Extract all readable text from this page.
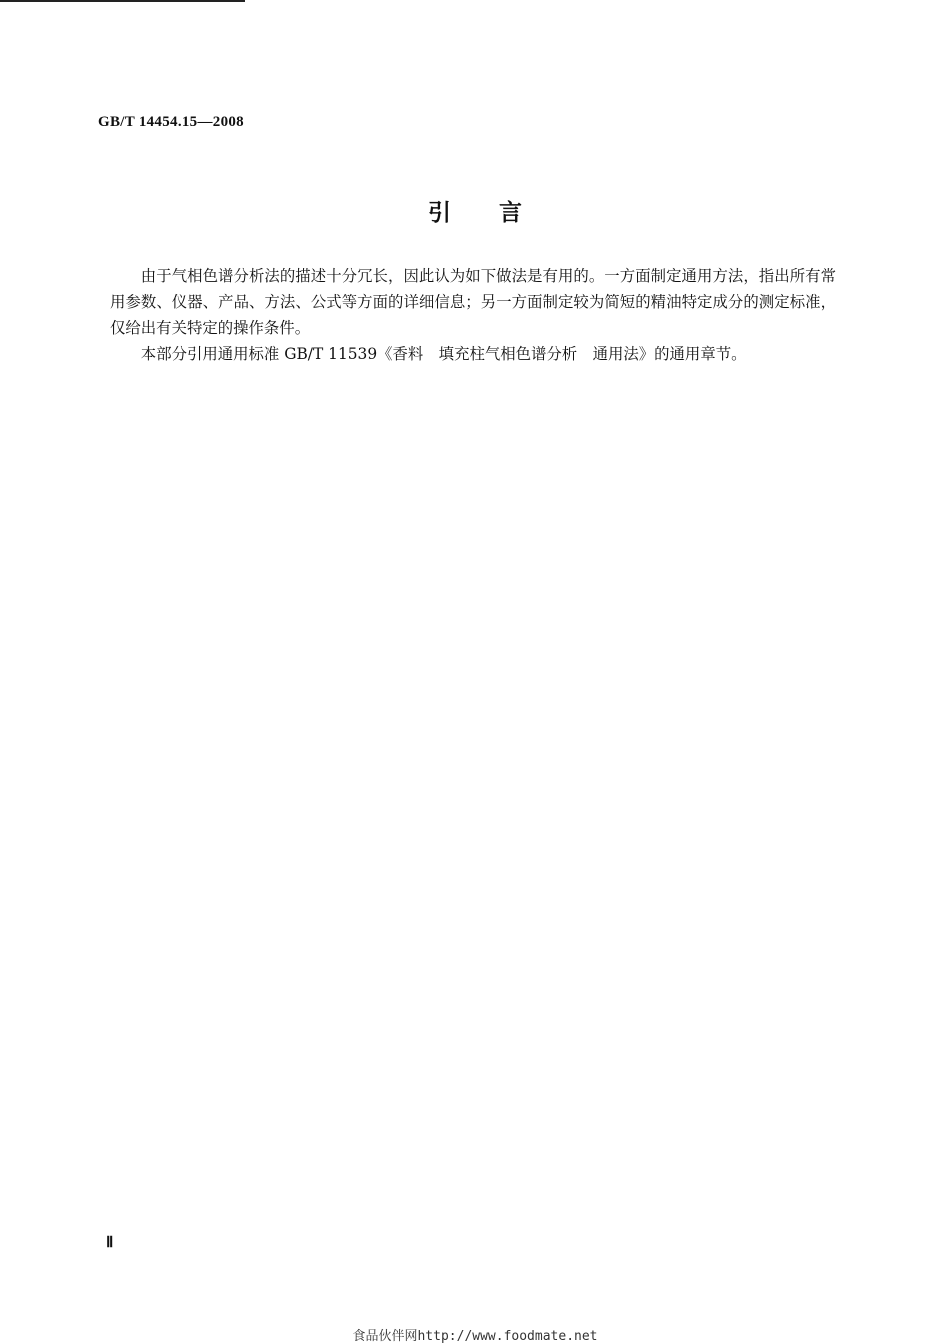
GB/T 14454.15—2008
引言

由于气相色谱分析法的描述十分冗长，因此认为如下做法是有用的。一方面制定通用方法，指出所有常用参数、仪器、产品、方法、公式等方面的详细信息；另一方面制定较为简短的精油特定成分的测定标准，仅给出有关特定的操作条件。

本部分引用通用标准 GB/T 11539《香料　填充柱气相色谱分析　通用法》的通用章节。

Ⅱ
食品伙伴网http://www.foodmate.net
